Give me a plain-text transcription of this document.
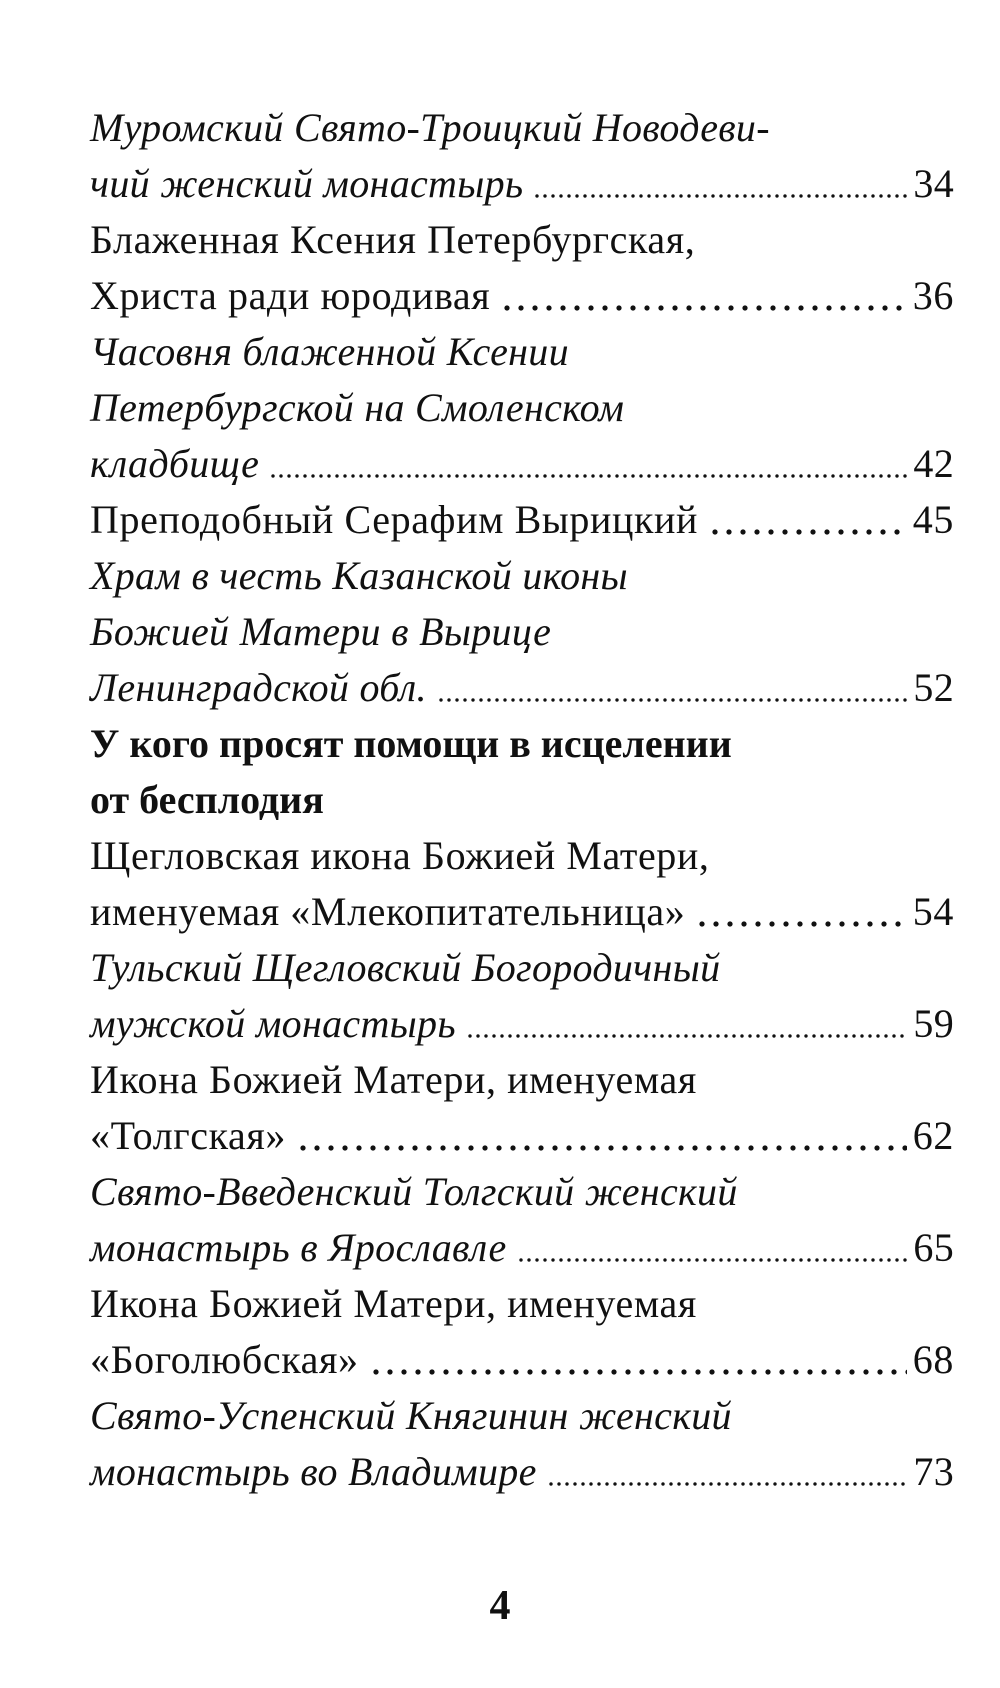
Муромский Свято-Троицкий Новодеви-
чий женский монастырь	34
Блаженная Ксения Петербургская,
Христа ради юродивая	36
Часовня блаженной Ксении
Петербургской на Смоленском
кладбище	42
Преподобный Серафим Вырицкий	45
Храм в честь Казанской иконы
Божией Матери в Вырице
Ленинградской обл.	52
У кого просят помощи в исцелении
от бесплодия
Щегловская икона Божией Матери,
именуемая «Млекопитательница»	54
Тульский Щегловский Богородичный
мужской монастырь	59
Икона Божией Матери, именуемая
«Толгская»	62
Свято-Введенский Толгский женский
монастырь в Ярославле	65
Икона Божией Матери, именуемая
«Боголюбская»	68
Свято-Успенский Княгинин женский
монастырь во Владимире	73
4
